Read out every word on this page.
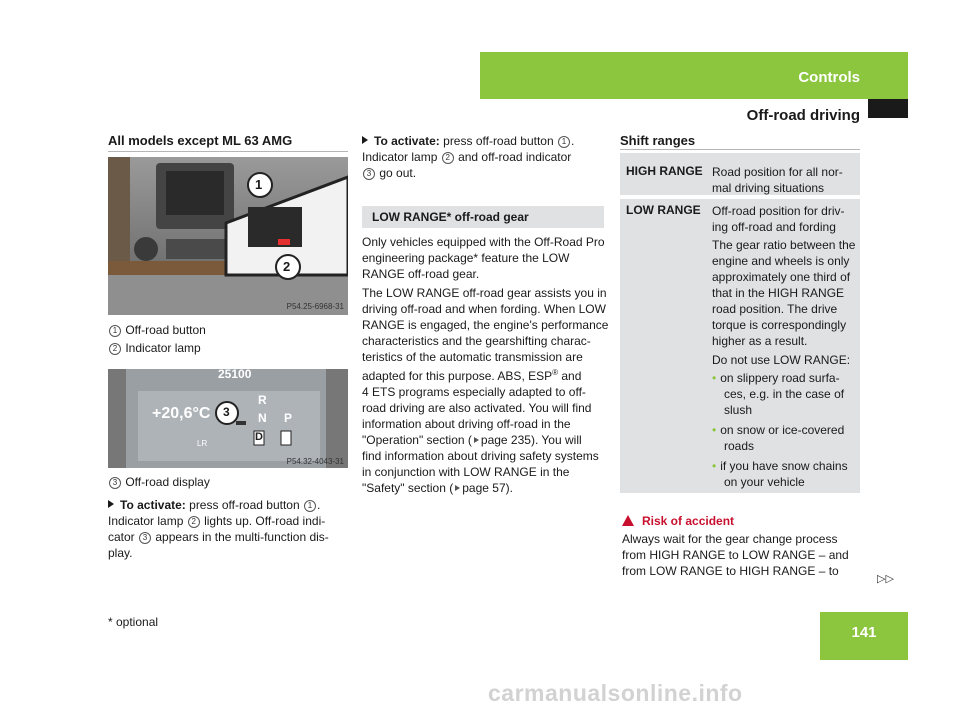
Controls
Off-road driving
All models except ML 63 AMG
1
2
P54.25-6968-31
1 Off-road button
2 Indicator lamp
25100
+20,6°C
R
N P
D
LR
3
P54.32-4043-31
3 Off-road display
To activate: press off-road button 1 .
Indicator lamp 2 lights up. Off-road indi-
cator 3 appears in the multi-function dis-
play.
To activate: press off-road button 1 .
Indicator lamp 2 and off-road indicator
3 go out.
LOW RANGE* off-road gear
Only vehicles equipped with the Off-Road Pro
engineering package* feature the LOW
RANGE off-road gear.
The LOW RANGE off-road gear assists you in
driving off-road and when fording. When LOW
RANGE is engaged, the engine's performance
characteristics and the gearshifting charac-
teristics of the automatic transmission are
adapted for this purpose. ABS, ESP® and
4 ETS programs especially adapted to off-
road driving are also activated. You will find
information about driving off-road in the
"Operation" section ( page 235). You will
find information about driving safety systems
in conjunction with LOW RANGE in the
"Safety" section ( page 57).
Shift ranges
HIGH RANGE Road position for all nor-
mal driving situations
LOW RANGE Off-road position for driv-
ing off-road and fording
The gear ratio between the
engine and wheels is only
approximately one third of
that in the HIGH RANGE
road position. The drive
torque is correspondingly
higher as a result.
Do not use LOW RANGE:
• on slippery road surfa-
ces, e.g. in the case of
slush
• on snow or ice-covered
roads
• if you have snow chains
on your vehicle
Risk of accident
Always wait for the gear change process
from HIGH RANGE to LOW RANGE – and
from LOW RANGE to HIGH RANGE – to
▷▷
* optional
141
carmanualsonline.info
